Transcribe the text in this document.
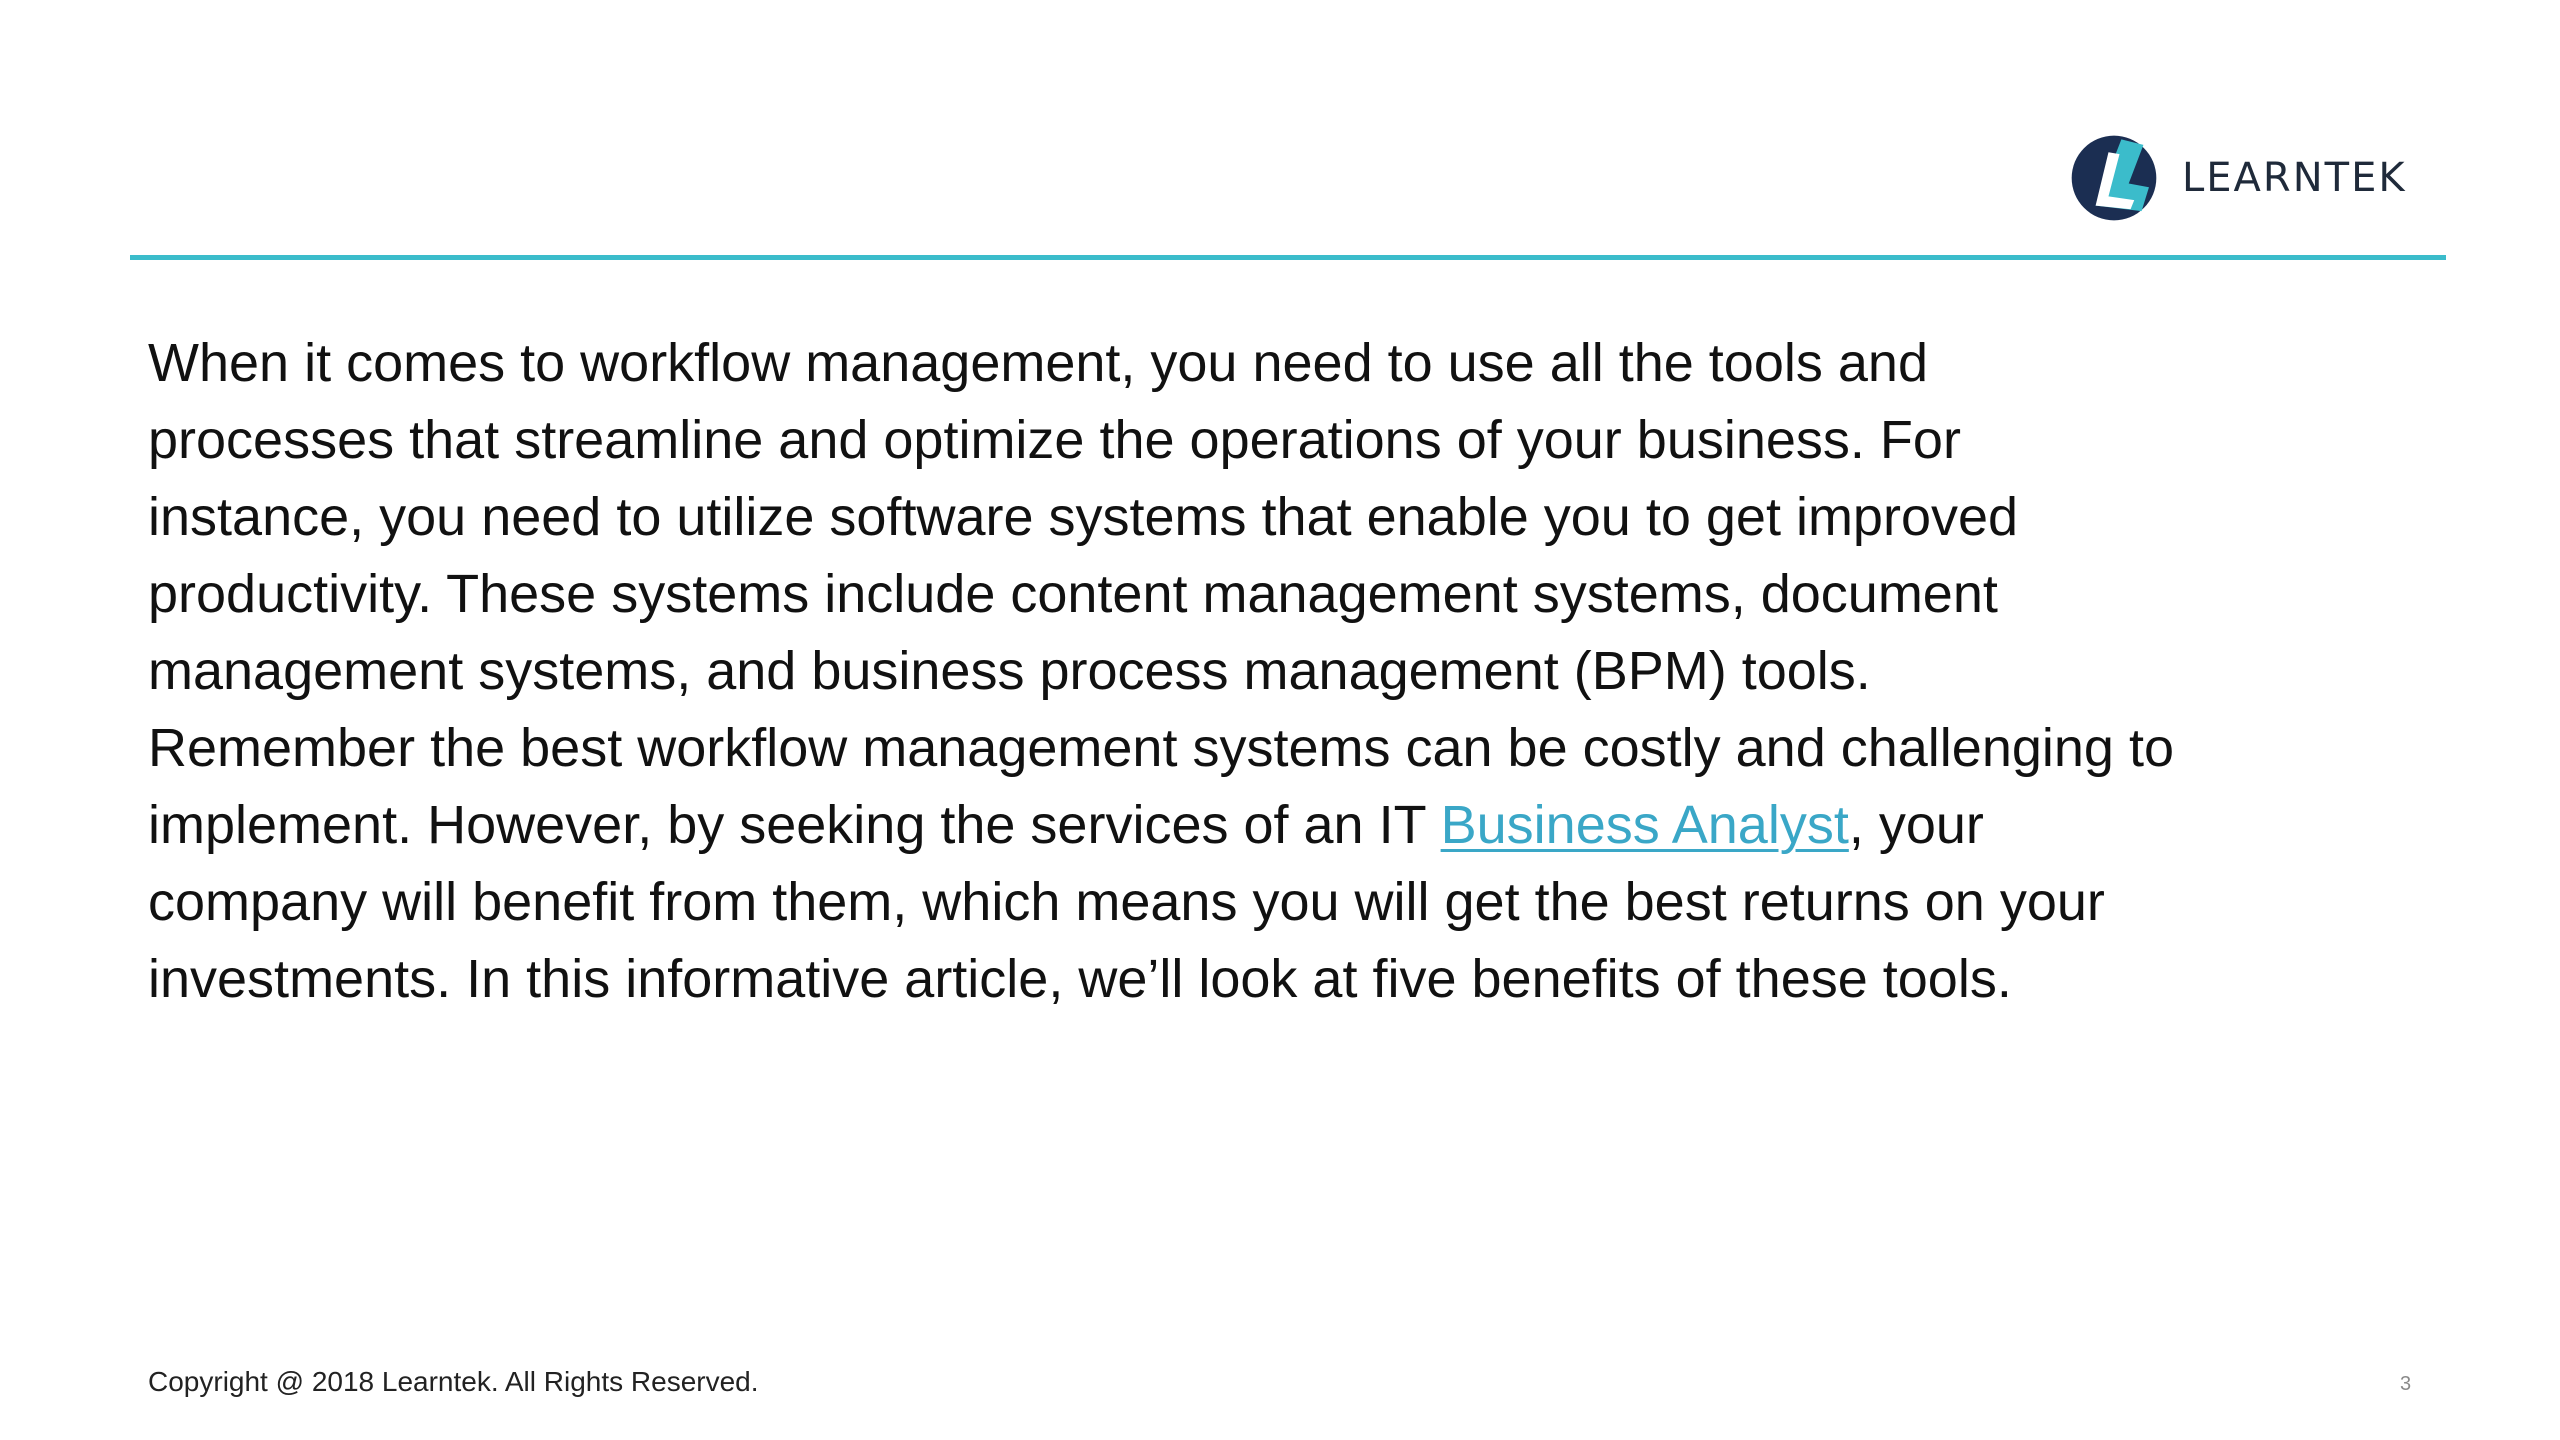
LEARNTEK

When it comes to workflow management, you need to use all the tools and

processes that streamline and optimize the operations of your business. For

instance, you need to utilize software systems that enable you to get improved

productivity. These systems include content management systems, document

management systems, and business process management (BPM) tools.

Remember the best workflow management systems can be costly and challenging to

implement. However, by seeking the services of an IT Business Analyst, your

company will benefit from them, which means you will get the best returns on your

investments. In this informative article, we’ll look at five benefits of these tools.

Copyright @ 2018 Learntek. All Rights Reserved.	3
